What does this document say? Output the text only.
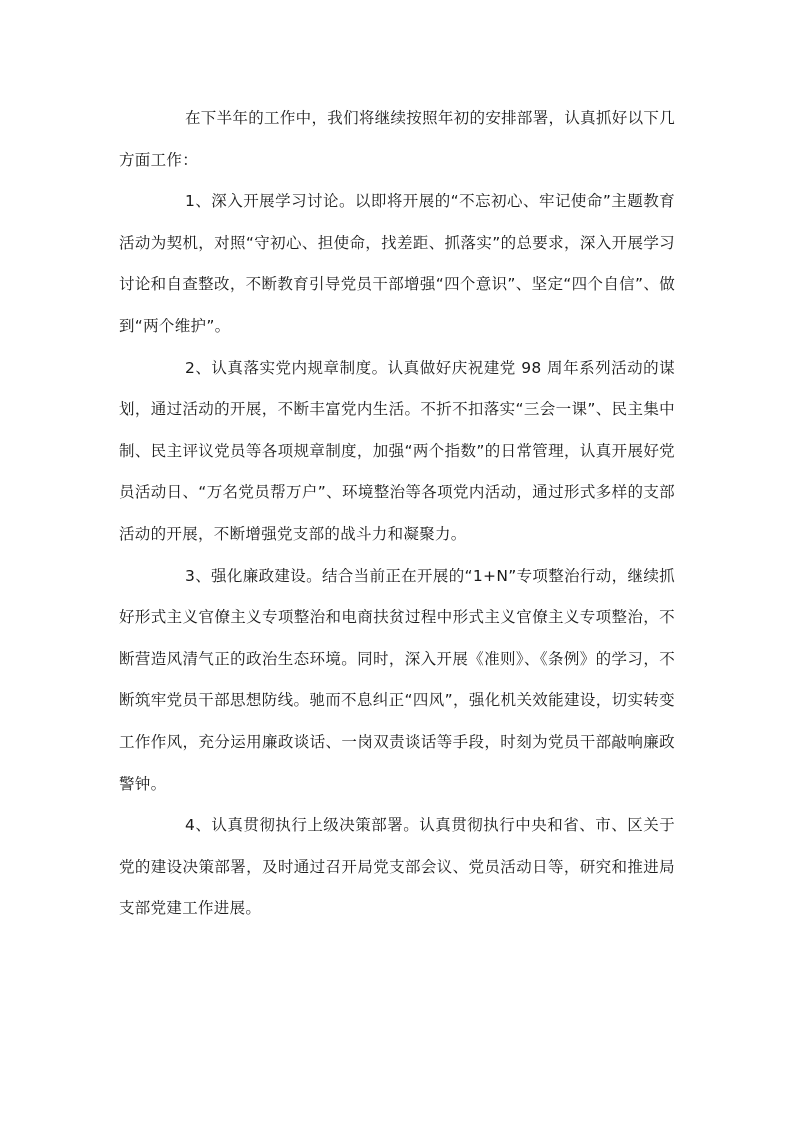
在下半年的工作中，我们将继续按照年初的安排部署，认真抓好以下几方面工作：

1、深入开展学习讨论。以即将开展的“不忘初心、牢记使命”主题教育活动为契机，对照“守初心、担使命，找差距、抓落实”的总要求，深入开展学习讨论和自查整改，不断教育引导党员干部增强“四个意识”、坚定“四个自信”、做到“两个维护”。

2、认真落实党内规章制度。认真做好庆祝建党 98 周年系列活动的谋划，通过活动的开展，不断丰富党内生活。不折不扣落实“三会一课”、民主集中制、民主评议党员等各项规章制度，加强“两个指数”的日常管理，认真开展好党员活动日、“万名党员帮万户”、环境整治等各项党内活动，通过形式多样的支部活动的开展，不断增强党支部的战斗力和凝聚力。

3、强化廉政建设。结合当前正在开展的“1+N”专项整治行动，继续抓好形式主义官僚主义专项整治和电商扶贫过程中形式主义官僚主义专项整治，不断营造风清气正的政治生态环境。同时，深入开展《准则》、《条例》的学习，不断筑牢党员干部思想防线。驰而不息纠正“四风”，强化机关效能建设，切实转变工作作风，充分运用廉政谈话、一岗双责谈话等手段，时刻为党员干部敲响廉政警钟。

4、认真贯彻执行上级决策部署。认真贯彻执行中央和省、市、区关于党的建设决策部署，及时通过召开局党支部会议、党员活动日等，研究和推进局支部党建工作进展。
